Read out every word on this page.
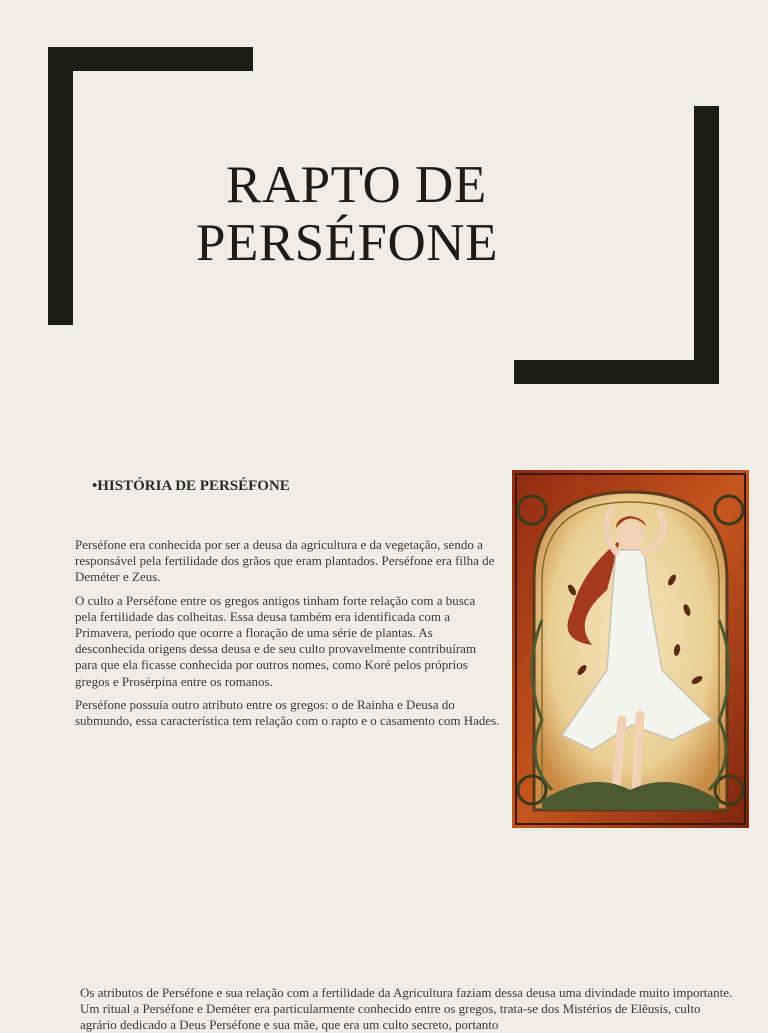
RAPTO DE
PERSÉFONE
•HISTÓRIA DE PERSÉFONE

Perséfone era conhecida por ser a deusa da agricultura e da vegetação, sendo a responsável pela fertilidade dos grãos que eram plantados. Perséfone era filha de Deméter e Zeus.

O culto a Perséfone entre os gregos antigos tinham forte relação com a busca pela fertilidade das colheitas. Essa deusa também era identificada com a Primavera, período que ocorre a floração de uma série de plantas. As desconhecida origens dessa deusa e de seu culto provavelmente contribuíram para que ela ficasse conhecida por outros nomes, como Koré pelos próprios gregos e Prosérpina entre os romanos.

Perséfone possuía outro atributo entre os gregos: o de Rainha e Deusa do submundo, essa característica tem relação com o rapto e o casamento com Hades.

Os atributos de Perséfone e sua relação com a fertilidade da Agricultura faziam dessa deusa uma divindade muito importante. Um ritual a Perséfone e Deméter era particularmente conhecido entre os gregos, trata-se dos Mistérios de Elêusis, culto agrário dedicado a Deus Perséfone e sua mãe, que era um culto secreto, portanto
